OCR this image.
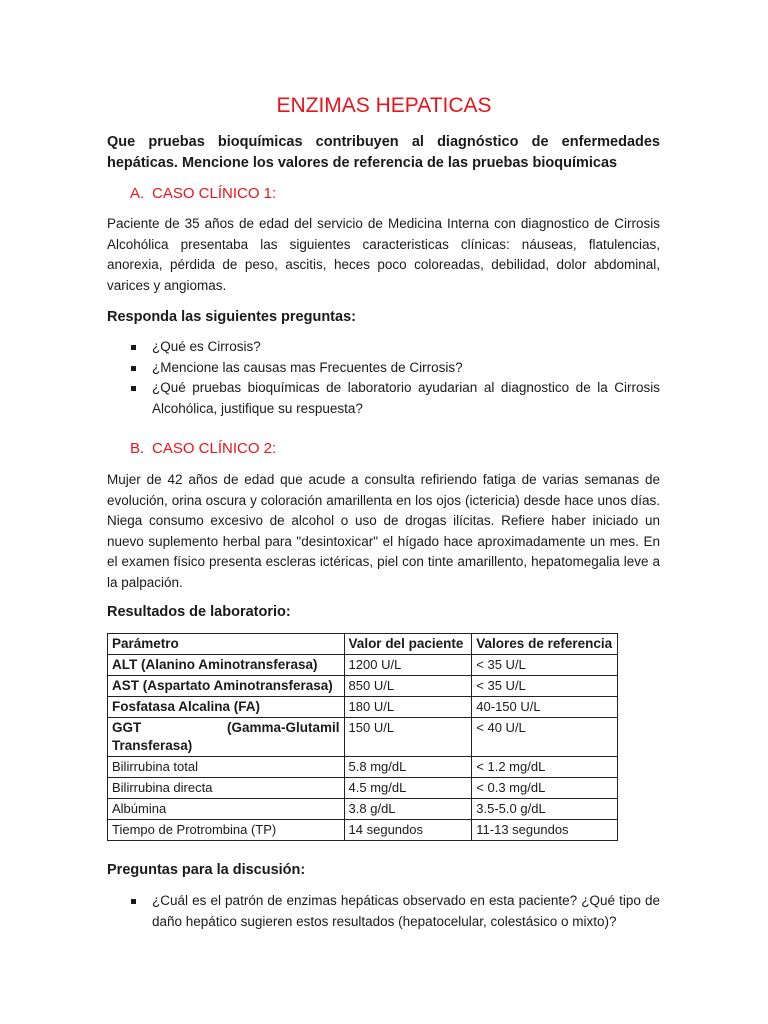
ENZIMAS HEPATICAS
Que pruebas bioquímicas contribuyen al diagnóstico de enfermedades hepáticas. Mencione los valores de referencia de las pruebas bioquímicas
A. CASO CLÍNICO 1:
Paciente de 35 años de edad del servicio de Medicina Interna con diagnostico de Cirrosis Alcohólica presentaba las siguientes caracteristicas clínicas: náuseas, flatulencias, anorexia, pérdida de peso, ascitis, heces poco coloreadas, debilidad, dolor abdominal, varices y angiomas.
Responda las siguientes preguntas:
¿Qué es Cirrosis?
¿Mencione las causas mas Frecuentes de Cirrosis?
¿Qué pruebas bioquímicas de laboratorio ayudarian al diagnostico de la Cirrosis Alcohólica, justifique su respuesta?
B. CASO CLÍNICO 2:
Mujer de 42 años de edad que acude a consulta refiriendo fatiga de varias semanas de evolución, orina oscura y coloración amarillenta en los ojos (ictericia) desde hace unos días. Niega consumo excesivo de alcohol o uso de drogas ilícitas. Refiere haber iniciado un nuevo suplemento herbal para "desintoxicar" el hígado hace aproximadamente un mes. En el examen físico presenta escleras ictéricas, piel con tinte amarillento, hepatomegalia leve a la palpación.
Resultados de laboratorio:
Parámetro	Valor del paciente	Valores de referencia
ALT (Alanino Aminotransferasa)	1200 U/L	< 35 U/L
AST (Aspartato Aminotransferasa)	850 U/L	< 35 U/L
Fosfatasa Alcalina (FA)	180 U/L	40-150 U/L
GGT (Gamma-Glutamil Transferasa)	150 U/L	< 40 U/L
Bilirrubina total	5.8 mg/dL	< 1.2 mg/dL
Bilirrubina directa	4.5 mg/dL	< 0.3 mg/dL
Albúmina	3.8 g/dL	3.5-5.0 g/dL
Tiempo de Protrombina (TP)	14 segundos	11-13 segundos
Preguntas para la discusión:
¿Cuál es el patrón de enzimas hepáticas observado en esta paciente? ¿Qué tipo de daño hepático sugieren estos resultados (hepatocelular, colestásico o mixto)?
